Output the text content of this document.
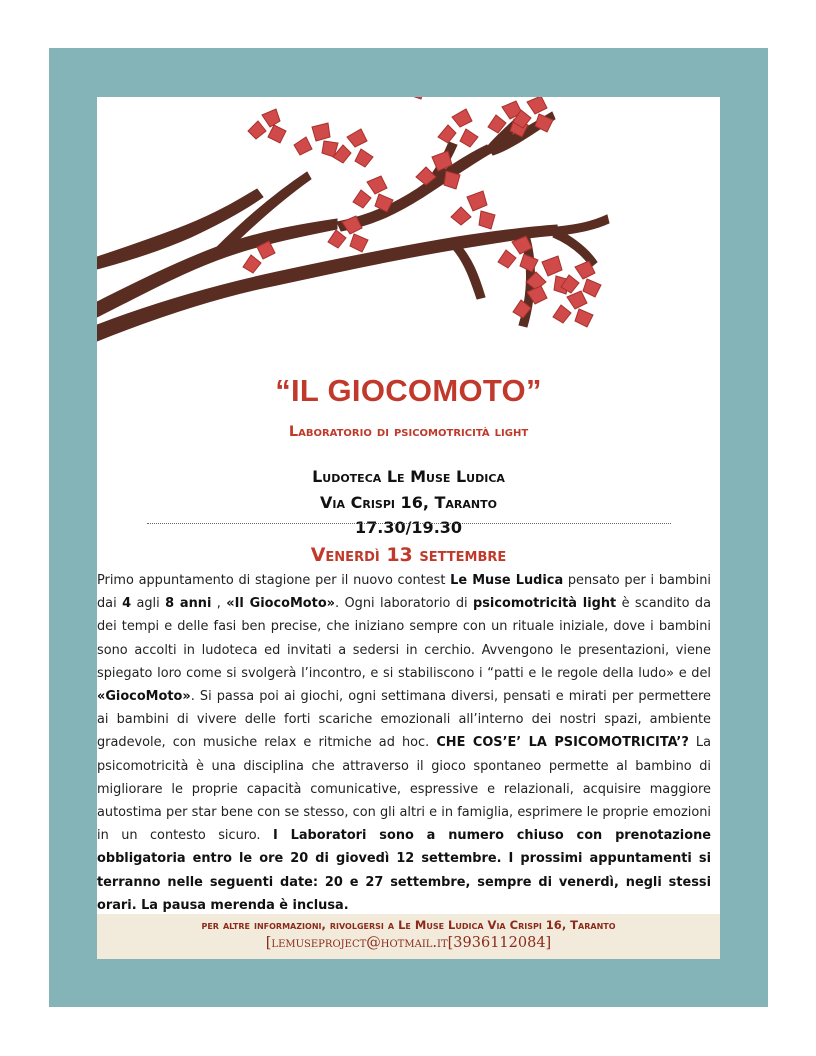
“IL GIOCOMOTO”

Laboratorio di psicomotricità light

Ludoteca Le Muse Ludica

Via Crispi 16, Taranto

17.30/19.30

Venerdì 13 settembre

Primo appuntamento di stagione per il nuovo contest Le Muse Ludica pensato per i bambini dai 4 agli 8 anni , «Il GiocoMoto». Ogni laboratorio di psicomotricità light è scandito da dei tempi e delle fasi ben precise, che iniziano sempre con un rituale iniziale, dove i bambini sono accolti in ludoteca ed invitati a sedersi in cerchio. Avvengono le presentazioni, viene spiegato loro come si svolgerà l’incontro, e si stabiliscono i “patti e le regole della ludo» e del «GiocoMoto». Si passa poi ai giochi, ogni settimana diversi, pensati e mirati per permettere ai bambini di vivere delle forti scariche emozionali all’interno dei nostri spazi, ambiente gradevole, con musiche relax e ritmiche ad hoc. CHE COS’E’ LA PSICOMOTRICITA’? La psicomotricità è una disciplina che attraverso il gioco spontaneo permette al bambino di migliorare le proprie capacità comunicative, espressive e relazionali, acquisire maggiore autostima per star bene con se stesso, con gli altri e in famiglia, esprimere le proprie emozioni in un contesto sicuro. I Laboratori sono a numero chiuso con prenotazione obbligatoria entro le ore 20 di giovedì 12 settembre. I prossimi appuntamenti si terranno nelle seguenti date: 20 e 27 settembre, sempre di venerdì, negli stessi orari. La pausa merenda è inclusa.

per altre informazioni, rivolgersi a Le Muse Ludica Via Crispi 16, Taranto

[lemuseproject@hotmail.it[3936112084]
